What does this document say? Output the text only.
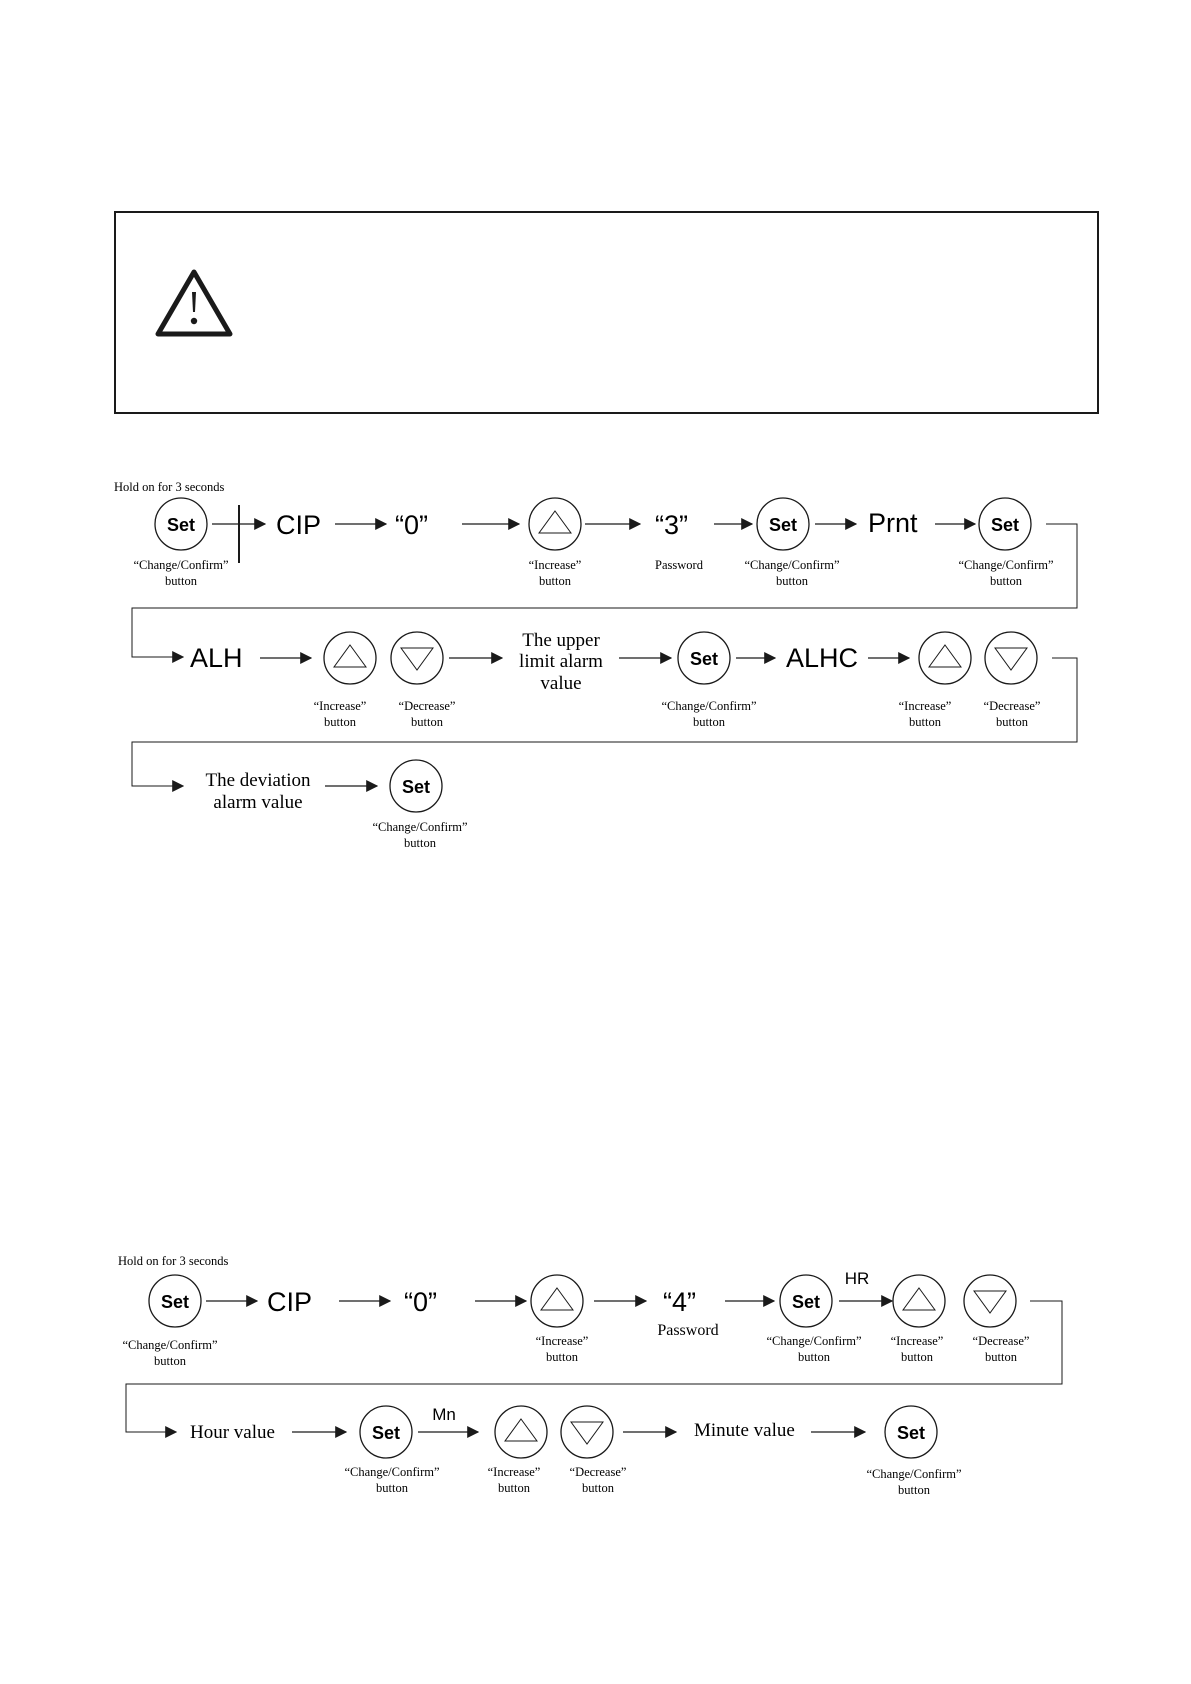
Hold on for 3 seconds
Set
“Change/Confirm”
button
CIP	“0”
“Increase”
button
“3”
Password
Set
“Change/Confirm”
button
Prnt	Set
“Change/Confirm”
button
ALH
“Increase”
button
“Decrease”
button
The upper
limit alarm
value
Set
“Change/Confirm”
button
ALHC
“Increase”
button
“Decrease”
button
The deviation
alarm value
Set
“Change/Confirm”
button
Hold on for 3 seconds
Set
“Change/Confirm”
button
CIP	“0”
“Increase”
button
“4”
Password
Set
“Change/Confirm”
button
HR
“Increase”
button
“Decrease”
button
Hour value	Set
“Change/Confirm”
button
Mn
“Increase”
button
“Decrease”
button
Minute value	Set
“Change/Confirm”
button
